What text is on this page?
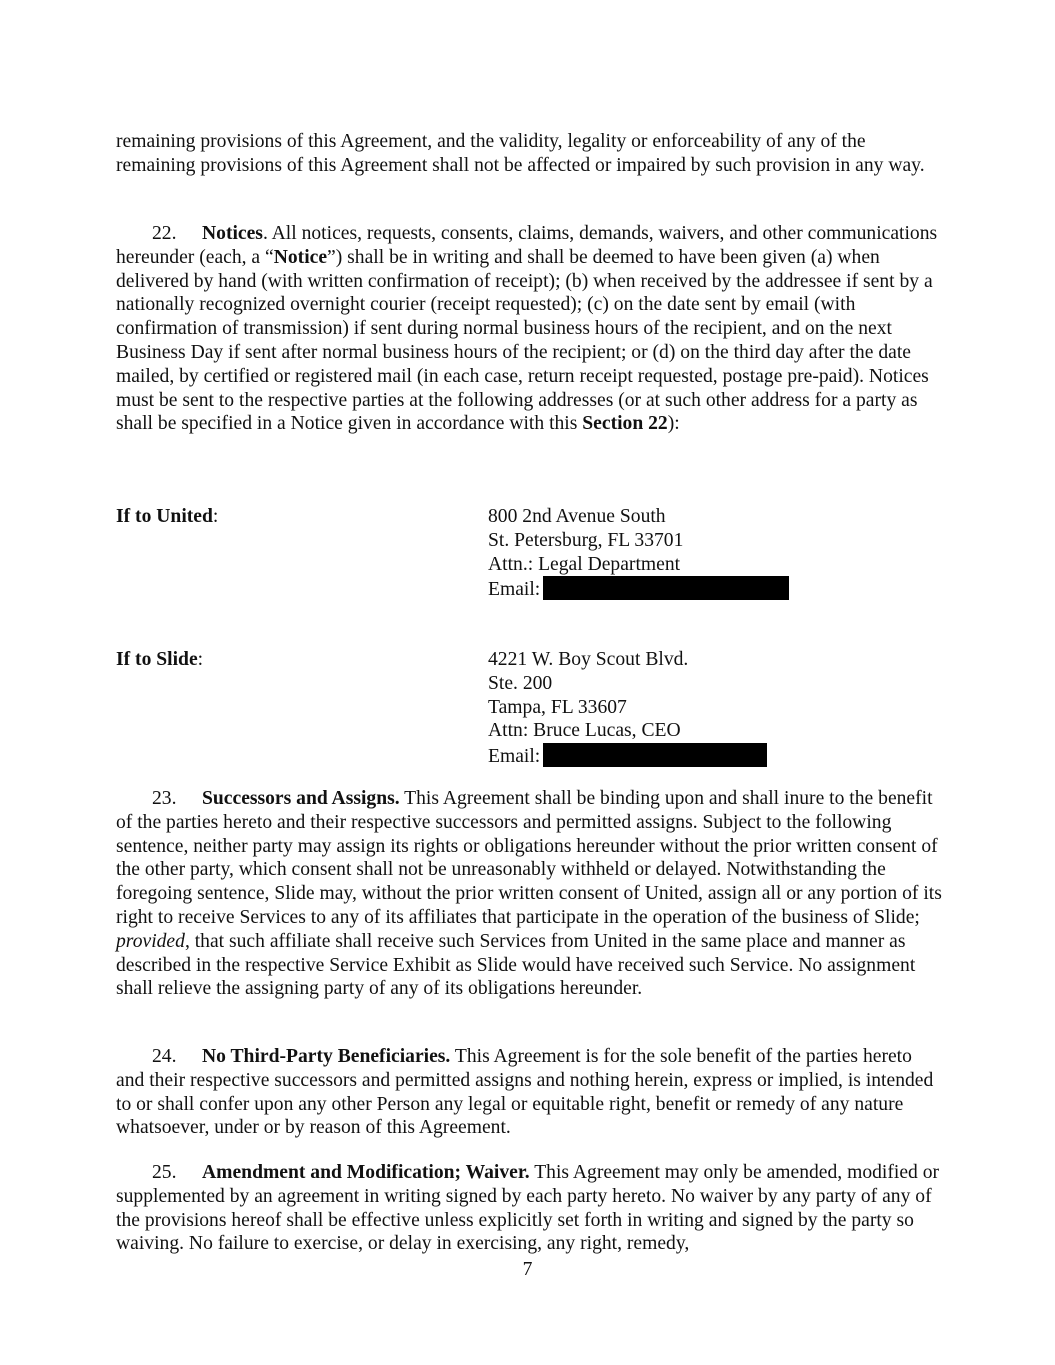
remaining provisions of this Agreement, and the validity, legality or enforceability of any of the remaining provisions of this Agreement shall not be affected or impaired by such provision in any way.

22. Notices. All notices, requests, consents, claims, demands, waivers, and other communications hereunder (each, a “Notice”) shall be in writing and shall be deemed to have been given (a) when delivered by hand (with written confirmation of receipt); (b) when received by the addressee if sent by a nationally recognized overnight courier (receipt requested); (c) on the date sent by email (with confirmation of transmission) if sent during normal business hours of the recipient, and on the next Business Day if sent after normal business hours of the recipient; or (d) on the third day after the date mailed, by certified or registered mail (in each case, return receipt requested, postage pre-paid). Notices must be sent to the respective parties at the following addresses (or at such other address for a party as shall be specified in a Notice given in accordance with this Section 22):

If to United:	800 2nd Avenue South
St. Petersburg, FL 33701
Attn.: Legal Department
Email:
If to Slide:	4221 W. Boy Scout Blvd.
Ste. 200
Tampa, FL 33607
Attn: Bruce Lucas, CEO
Email:

23. Successors and Assigns. This Agreement shall be binding upon and shall inure to the benefit of the parties hereto and their respective successors and permitted assigns. Subject to the following sentence, neither party may assign its rights or obligations hereunder without the prior written consent of the other party, which consent shall not be unreasonably withheld or delayed. Notwithstanding the foregoing sentence, Slide may, without the prior written consent of United, assign all or any portion of its right to receive Services to any of its affiliates that participate in the operation of the business of Slide; provided, that such affiliate shall receive such Services from United in the same place and manner as described in the respective Service Exhibit as Slide would have received such Service. No assignment shall relieve the assigning party of any of its obligations hereunder.

24. No Third-Party Beneficiaries. This Agreement is for the sole benefit of the parties hereto and their respective successors and permitted assigns and nothing herein, express or implied, is intended to or shall confer upon any other Person any legal or equitable right, benefit or remedy of any nature whatsoever, under or by reason of this Agreement.

25. Amendment and Modification; Waiver. This Agreement may only be amended, modified or supplemented by an agreement in writing signed by each party hereto. No waiver by any party of any of the provisions hereof shall be effective unless explicitly set forth in writing and signed by the party so waiving. No failure to exercise, or delay in exercising, any right, remedy,

7
